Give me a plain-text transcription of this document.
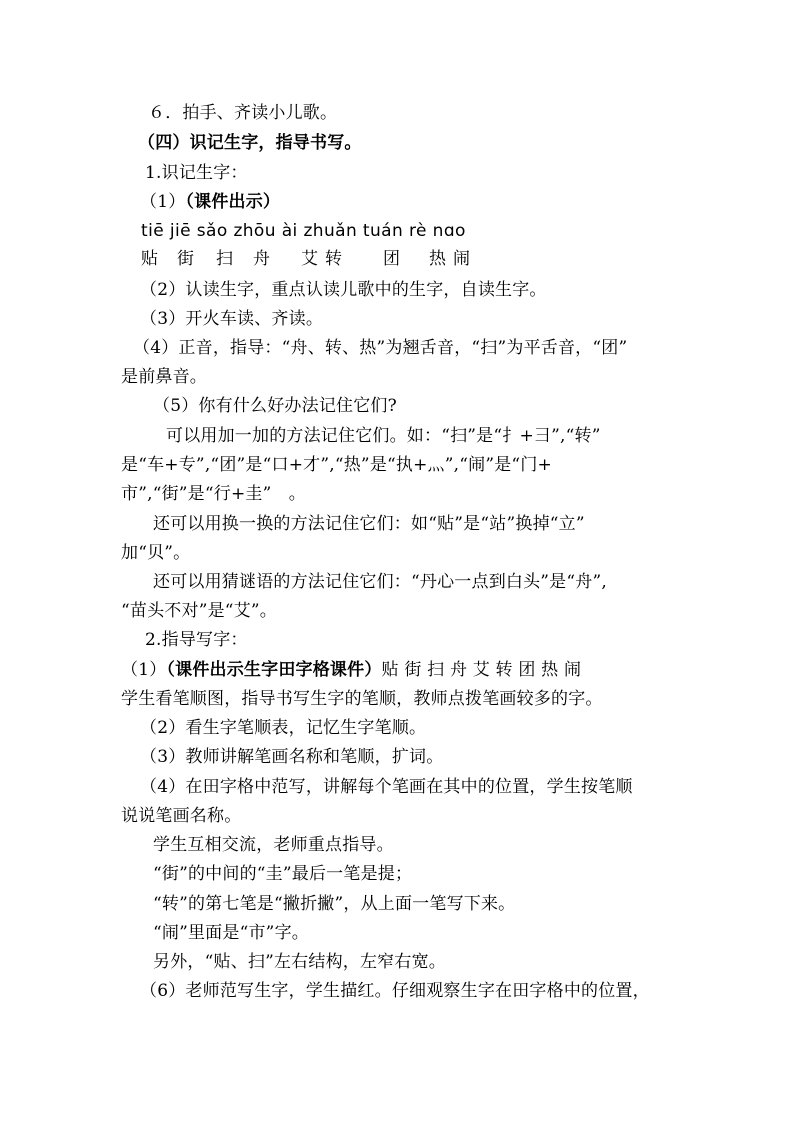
６．拍手、齐读小儿歌。
（四）识记生字，指导书写。
1.识记生字：
（1）（课件出示）
tiē jiē sǎo zhōu ài zhuǎn tuán rè nɑo
贴 街 扫 舟 艾 转 团 热 闹
（2）认读生字，重点认读儿歌中的生字，自读生字。
（3）开火车读、齐读。
（4）正音，指导：“舟、转、热”为翘舌音，“扫”为平舌音，“团”
是前鼻音。
（5）你有什么好办法记住它们?
可以用加一加的方法记住它们。如：“扫”是“扌+彐”,“转”
是“车+专”,“团”是“口+才”,“热”是“执+灬”,“闹”是“门+
市”,“街”是“行+圭”　。
还可以用换一换的方法记住它们：如“贴”是“站”换掉“立”
加“贝”。
还可以用猜谜语的方法记住它们：“丹心一点到白头”是“舟”,
“苗头不对”是“艾”。
2.指导写字：
（1）（课件出示生字田字格课件）贴 街 扫 舟 艾 转 团 热 闹
学生看笔顺图，指导书写生字的笔顺，教师点拨笔画较多的字。
（2）看生字笔顺表，记忆生字笔顺。
（3）教师讲解笔画名称和笔顺，扩词。
（4）在田字格中范写，讲解每个笔画在其中的位置，学生按笔顺
说说笔画名称。
学生互相交流，老师重点指导。
“街”的中间的“圭”最后一笔是提；
“转”的第七笔是“撇折撇”，从上面一笔写下来。
“闹”里面是“市”字。
另外，“贴、扫”左右结构，左窄右宽。
（6）老师范写生字，学生描红。仔细观察生字在田字格中的位置，
